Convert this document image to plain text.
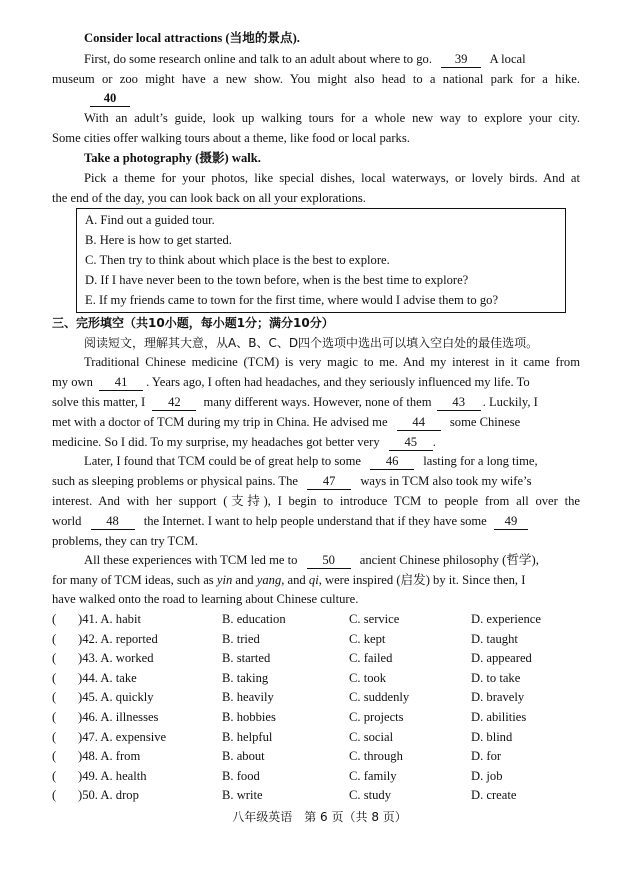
Consider local attractions (当地的景点).
First, do some research online and talk to an adult about where to go. 39 A local
museum or zoo might have a new show. You might also head to a national park for a hike.
40
With an adult’s guide, look up walking tours for a whole new way to explore your city.
Some cities offer walking tours about a theme, like food or local parks.
Take a photography (摄影) walk.
Pick a theme for your photos, like special dishes, local waterways, or lovely birds. And at
the end of the day, you can look back on all your explorations.
A. Find out a guided tour.
B. Here is how to get started.
C. Then try to think about which place is the best to explore.
D. If I have never been to the town before, when is the best time to explore?
E. If my friends came to town for the first time, where would I advise them to go?
三、完形填空（共10小题，每小题1分；满分10分）
阅读短文，理解其大意，从A、B、C、D四个选项中选出可以填入空白处的最佳选项。
Traditional Chinese medicine (TCM) is very magic to me. And my interest in it came from
my own 41 . Years ago, I often had headaches, and they seriously influenced my life. To
solve this matter, I 42 many different ways. However, none of them 43 . Luckily, I
met with a doctor of TCM during my trip in China. He advised me 44 some Chinese
medicine. So I did. To my surprise, my headaches got better very 45 .
Later, I found that TCM could be of great help to some 46 lasting for a long time,
such as sleeping problems or physical pains. The 47 ways in TCM also took my wife’s
interest. And with her support (支持), I begin to introduce TCM to people from all over the
world 48 the Internet. I want to help people understand that if they have some 49
problems, they can try TCM.
All these experiences with TCM led me to 50 ancient Chinese philosophy (哲学),
for many of TCM ideas, such as yin and yang, and qi, were inspired (启发) by it. Since then, I
have walked onto the road to learning about Chinese culture.
( )41. A. habit	B. education	C. service	D. experience
( )42. A. reported	B. tried	C. kept	D. taught
( )43. A. worked	B. started	C. failed	D. appeared
( )44. A. take	B. taking	C. took	D. to take
( )45. A. quickly	B. heavily	C. suddenly	D. bravely
( )46. A. illnesses	B. hobbies	C. projects	D. abilities
( )47. A. expensive	B. helpful	C. social	D. blind
( )48. A. from	B. about	C. through	D. for
( )49. A. health	B. food	C. family	D. job
( )50. A. drop	B. write	C. study	D. create
八年级英语　第 6 页（共 8 页）
